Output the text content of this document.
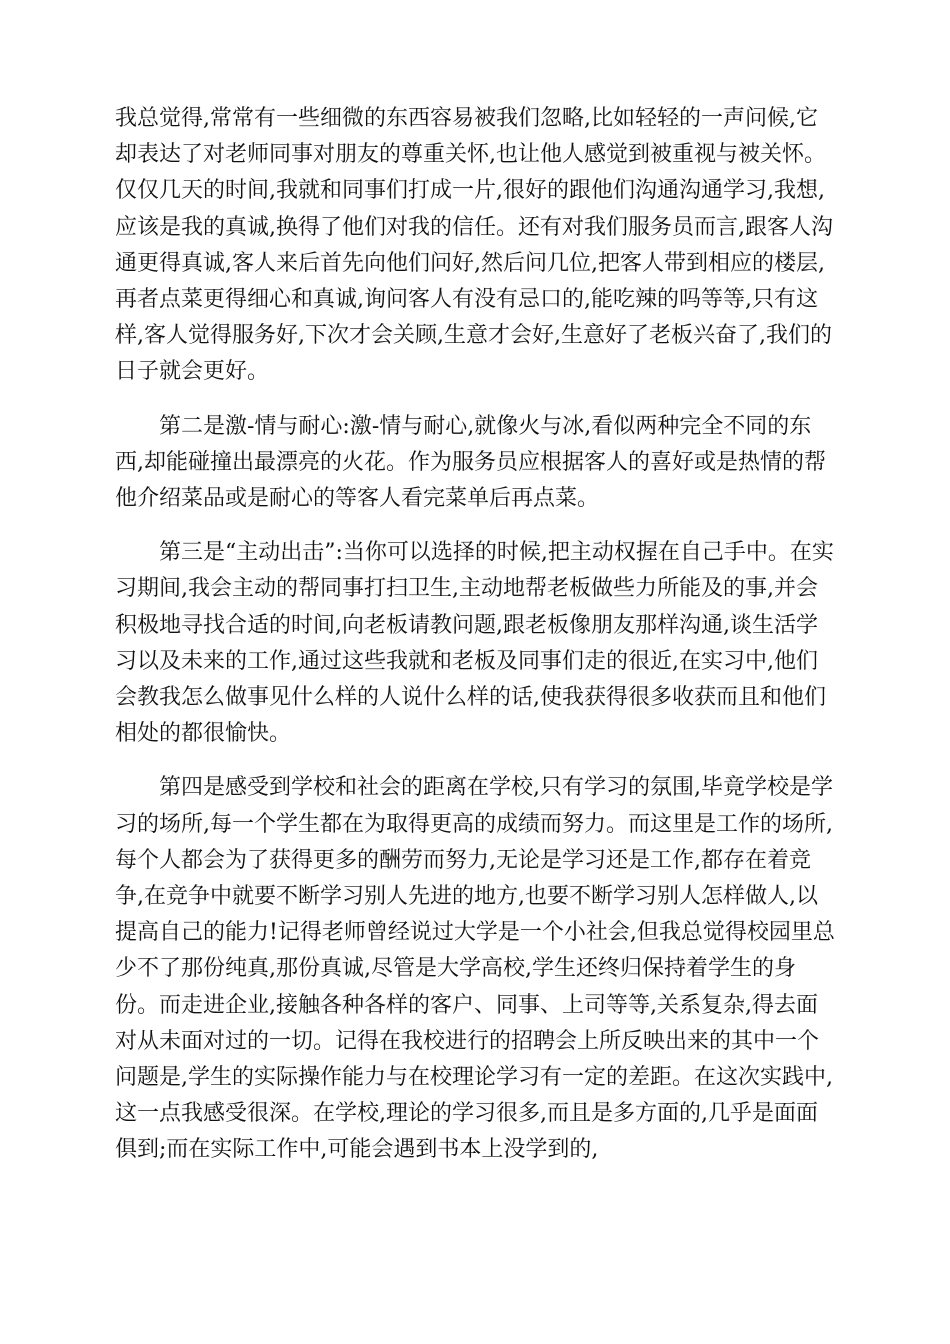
我总觉得,常常有一些细微的东西容易被我们忽略,比如轻轻的一声问候,它却表达了对老师同事对朋友的尊重关怀,也让他人感觉到被重视与被关怀。仅仅几天的时间,我就和同事们打成一片,很好的跟他们沟通沟通学习,我想,应该是我的真诚,换得了他们对我的信任。还有对我们服务员而言,跟客人沟通更得真诚,客人来后首先向他们问好,然后问几位,把客人带到相应的楼层,再者点菜更得细心和真诚,询问客人有没有忌口的,能吃辣的吗等等,只有这样,客人觉得服务好,下次才会关顾,生意才会好,生意好了老板兴奋了,我们的日子就会更好。

第二是激-情与耐心:激-情与耐心,就像火与冰,看似两种完全不同的东西,却能碰撞出最漂亮的火花。作为服务员应根据客人的喜好或是热情的帮他介绍菜品或是耐心的等客人看完菜单后再点菜。

第三是“主动出击”:当你可以选择的时候,把主动权握在自己手中。在实习期间,我会主动的帮同事打扫卫生,主动地帮老板做些力所能及的事,并会积极地寻找合适的时间,向老板请教问题,跟老板像朋友那样沟通,谈生活学习以及未来的工作,通过这些我就和老板及同事们走的很近,在实习中,他们会教我怎么做事见什么样的人说什么样的话,使我获得很多收获而且和他们相处的都很愉快。

第四是感受到学校和社会的距离在学校,只有学习的氛围,毕竟学校是学习的场所,每一个学生都在为取得更高的成绩而努力。而这里是工作的场所,每个人都会为了获得更多的酬劳而努力,无论是学习还是工作,都存在着竞争,在竞争中就要不断学习别人先进的地方,也要不断学习别人怎样做人,以提高自己的能力!记得老师曾经说过大学是一个小社会,但我总觉得校园里总少不了那份纯真,那份真诚,尽管是大学高校,学生还终归保持着学生的身份。而走进企业,接触各种各样的客户、同事、上司等等,关系复杂,得去面对从未面对过的一切。记得在我校进行的招聘会上所反映出来的其中一个问题是,学生的实际操作能力与在校理论学习有一定的差距。在这次实践中,这一点我感受很深。在学校,理论的学习很多,而且是多方面的,几乎是面面俱到;而在实际工作中,可能会遇到书本上没学到的,
